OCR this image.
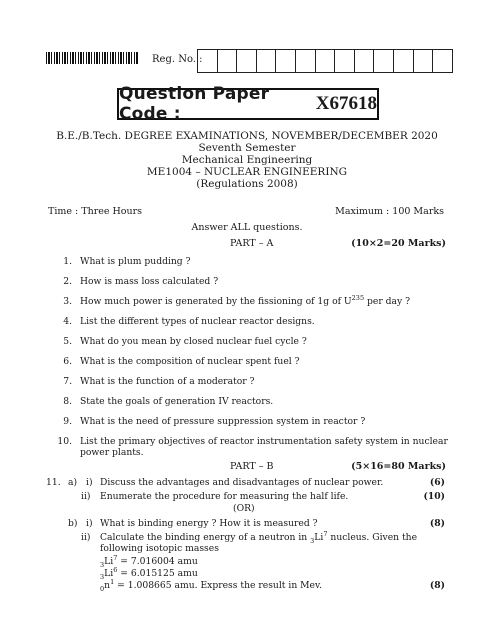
Reg. No. :
Question Paper Code :	X67618
B.E./B.Tech. DEGREE EXAMINATIONS, NOVEMBER/DECEMBER 2020
Seventh Semester
Mechanical Engineering
ME1004 – NUCLEAR ENGINEERING
(Regulations 2008)
Time : Three Hours	Maximum : 100 Marks
Answer ALL questions.
PART – A	(10×2=20 Marks)
1. What is plum pudding ?
2. How is mass loss calculated ?
3. How much power is generated by the fissioning of 1g of $U^{235}$ per day ?
4. List the different types of nuclear reactor designs.
5. What do you mean by closed nuclear fuel cycle ?
6. What is the composition of nuclear spent fuel ?
7. What is the function of a moderator ?
8. State the goals of generation IV reactors.
9. What is the need of pressure suppression system in reactor ?
10. List the primary objectives of reactor instrumentation safety system in nuclear power plants.
PART – B	(5×16=80 Marks)
11. a) i) Discuss the advantages and disadvantages of nuclear power.	(6)
ii) Enumerate the procedure for measuring the half life.	(10)
(OR)
b) i) What is binding energy ? How it is measured ?	(8)
ii) Calculate the binding energy of a neutron in $_3Li^7$ nucleus. Given the
following isotopic masses
$_3Li^7 = 7.016004$ amu
$_3Li^6 = 6.015125$ amu
$_0n^1 = 1.008665$ amu. Express the result in Mev.	(8)
